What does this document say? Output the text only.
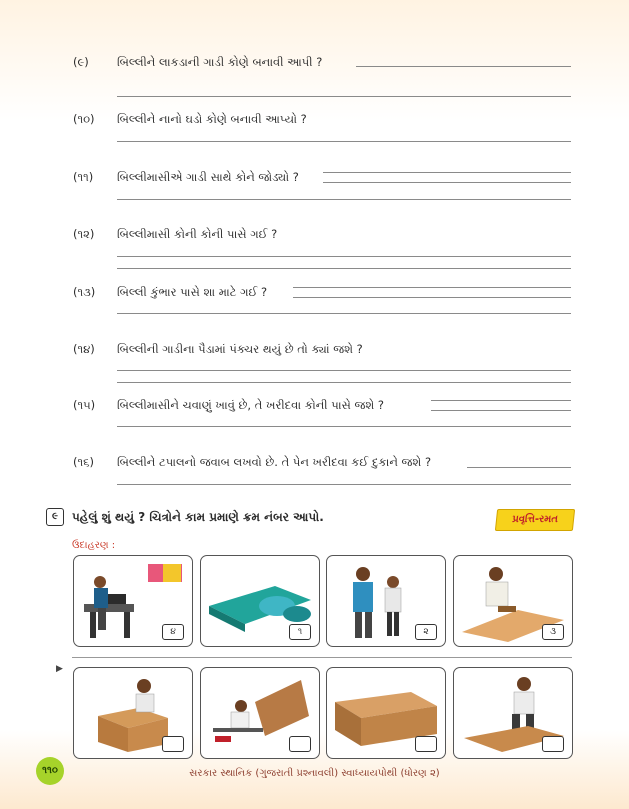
(૯)	બિલ્લીને લાકડાની ગાડી કોણે બનાવી આપી ?
(૧૦)	બિલ્લીને નાનો ઘડો કોણે બનાવી આપ્યો ?
(૧૧)	બિલ્લીમાસીએ ગાડી સાથે કોને જોડ્યો ?
(૧૨)	બિલ્લીમાસી કોની કોની પાસે ગઈ ?
(૧૩)	બિલ્લી કુંભાર પાસે શા માટે ગઈ ?
(૧૪)	બિલ્લીની ગાડીના પૈડામાં પંક્ચર થયું છે તો ક્યાં જશે ?
(૧૫)	બિલ્લીમાસીને ચવાણું ખાવું છે, તે ખરીદવા કોની પાસે જશે ?
(૧૬)	બિલ્લીને ટપાલનો જવાબ લખવો છે. તે પેન ખરીદવા કઈ દુકાને જશે ?
૯	પહેલું શું થયું ? ચિત્રોને કામ પ્રમાણે ક્રમ નંબર આપો.	પ્રવૃત્તિ-રમત
ઉદાહરણ :
૪	૧	૨	૩
▶
૧૧૦	સરકાર સ્થાનિક (ગુજરાતી પ્રશ્નાવલી) સ્વાધ્યાયપોથી (ધોરણ ૨)
